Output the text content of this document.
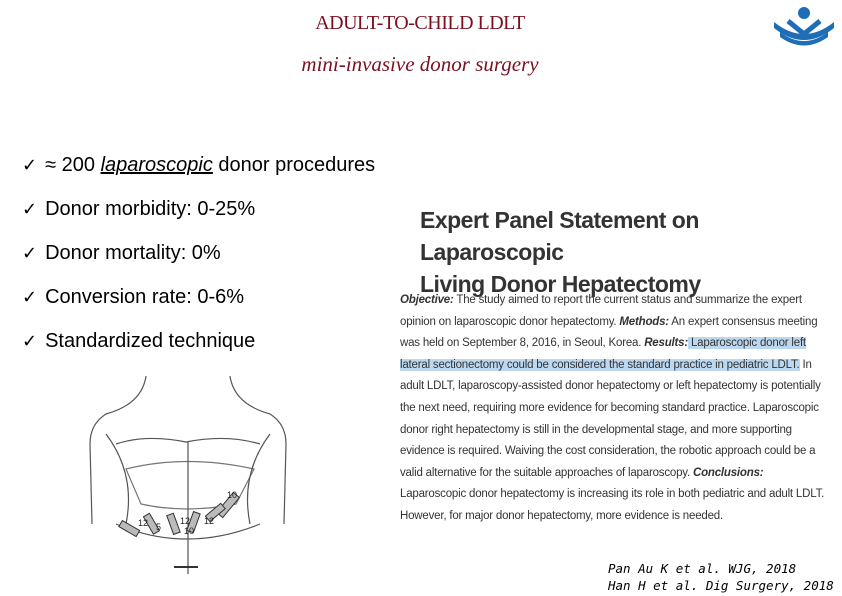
ADULT-TO-CHILD LDLT
mini-invasive donor surgery
✓ ≈ 200 laparoscopic donor procedures
✓ Donor morbidity: 0-25%
✓ Donor mortality: 0%
✓ Conversion rate: 0-6%
✓ Standardized technique
10
12 5
12 12
10
Expert Panel Statement on Laparoscopic
Living Donor Hepatectomy
Objective: The study aimed to report the current status and summarize the expert opinion on laparoscopic donor hepatectomy. Methods: An expert consensus meeting was held on September 8, 2016, in Seoul, Korea. Results: Laparoscopic donor left lateral sectionectomy could be considered the standard practice in pediatric LDLT. In adult LDLT, laparoscopy-assisted donor hepatectomy or left hepatectomy is potentially the next need, requiring more evidence for becoming standard practice. Laparoscopic donor right hepatectomy is still in the developmental stage, and more supporting evidence is required. Waiving the cost consideration, the robotic approach could be a valid alternative for the suitable approaches of laparoscopy. Conclusions: Laparoscopic donor hepatectomy is increasing its role in both pediatric and adult LDLT. However, for major donor hepatectomy, more evidence is needed.
Pan Au K et al. WJG, 2018
Han H et al. Dig Surgery, 2018
